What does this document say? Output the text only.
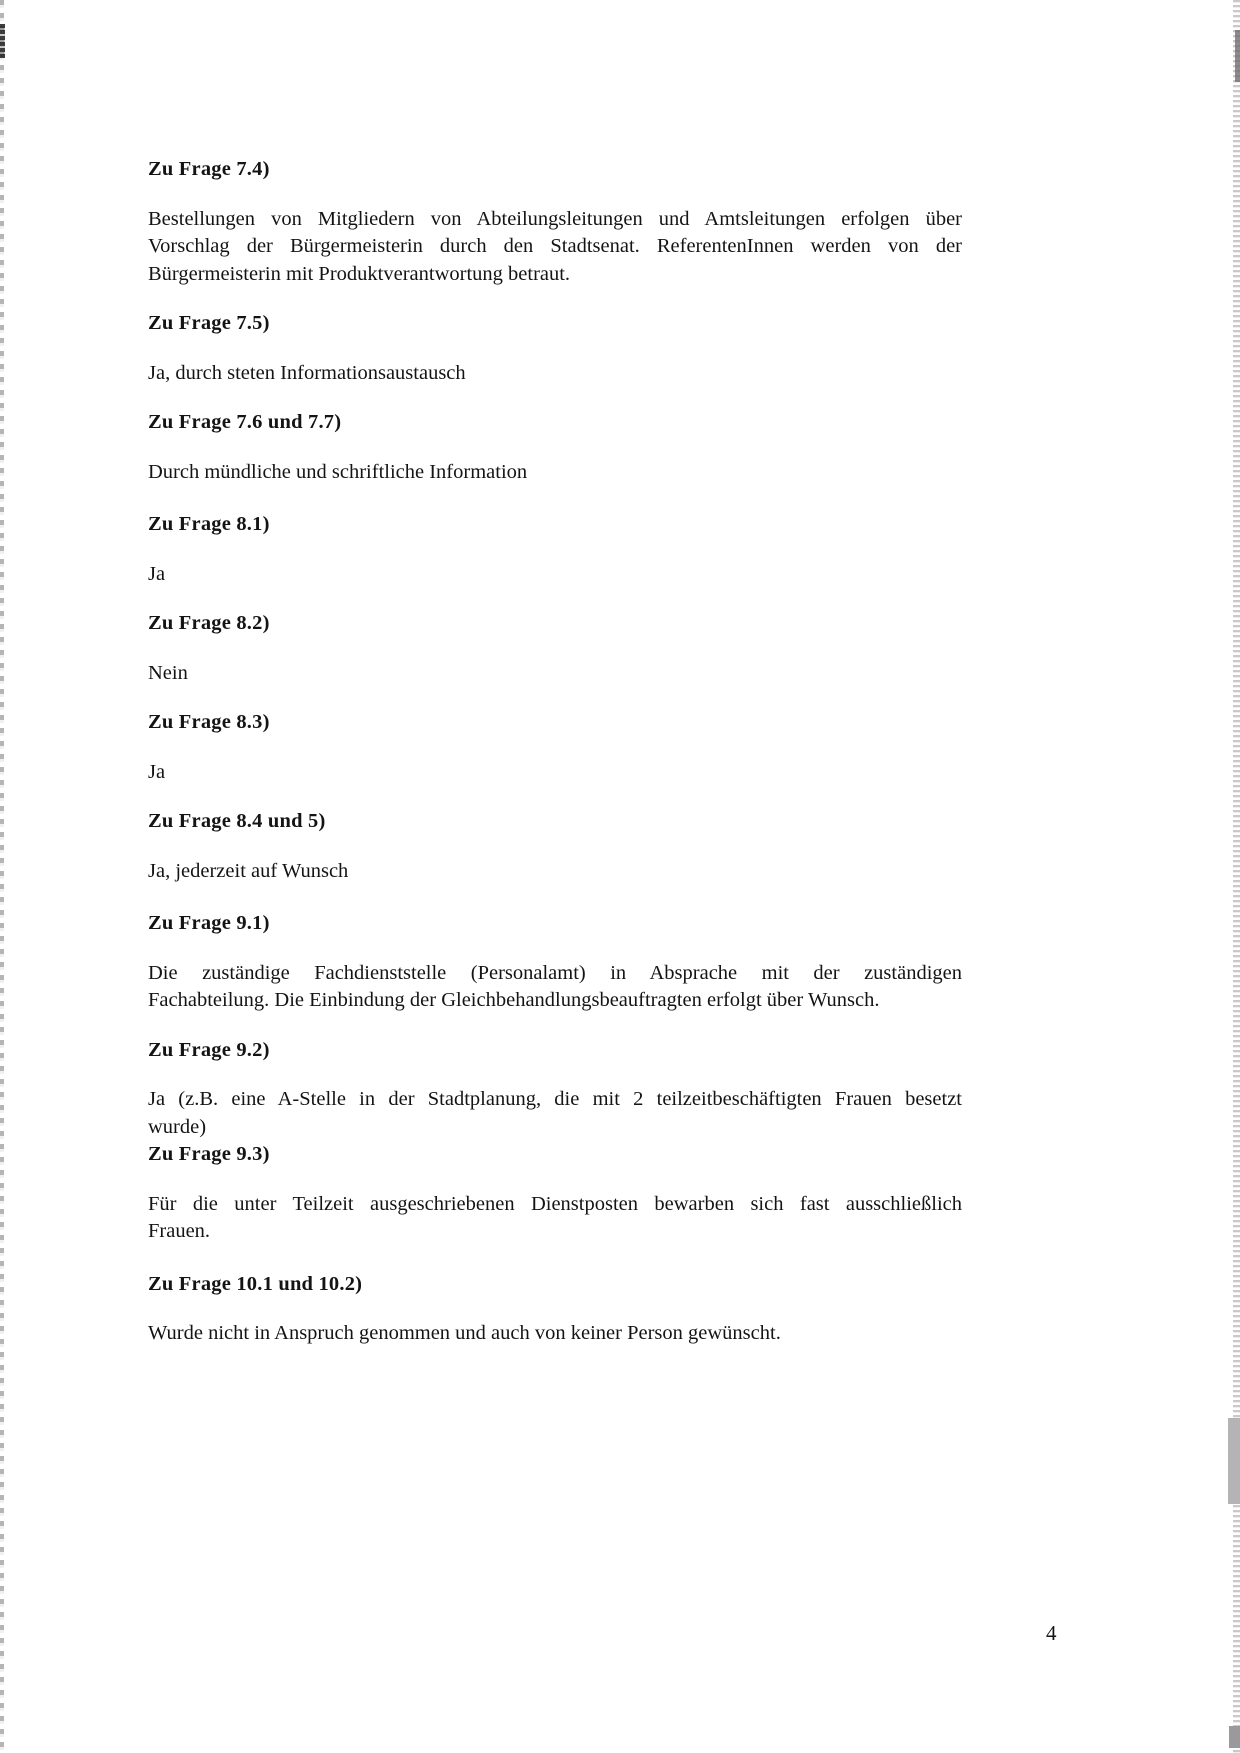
Zu Frage 7.4)
Bestellungen von Mitgliedern von Abteilungsleitungen und Amtsleitungen erfolgen über
Vorschlag der Bürgermeisterin durch den Stadtsenat. ReferentenInnen werden von der
Bürgermeisterin mit Produktverantwortung betraut.
Zu Frage 7.5)
Ja, durch steten Informationsaustausch
Zu Frage 7.6 und 7.7)
Durch mündliche und schriftliche Information
Zu Frage 8.1)
Ja
Zu Frage 8.2)
Nein
Zu Frage 8.3)
Ja
Zu Frage 8.4 und 5)
Ja, jederzeit auf Wunsch
Zu Frage 9.1)
Die zuständige Fachdienststelle (Personalamt) in Absprache mit der zuständigen
Fachabteilung. Die Einbindung der Gleichbehandlungsbeauftragten erfolgt über Wunsch.
Zu Frage 9.2)
Ja (z.B. eine A-Stelle in der Stadtplanung, die mit 2 teilzeitbeschäftigten Frauen besetzt
wurde)
Zu Frage 9.3)
Für die unter Teilzeit ausgeschriebenen Dienstposten bewarben sich fast ausschließlich
Frauen.
Zu Frage 10.1 und 10.2)
Wurde nicht in Anspruch genommen und auch von keiner Person gewünscht.
4
